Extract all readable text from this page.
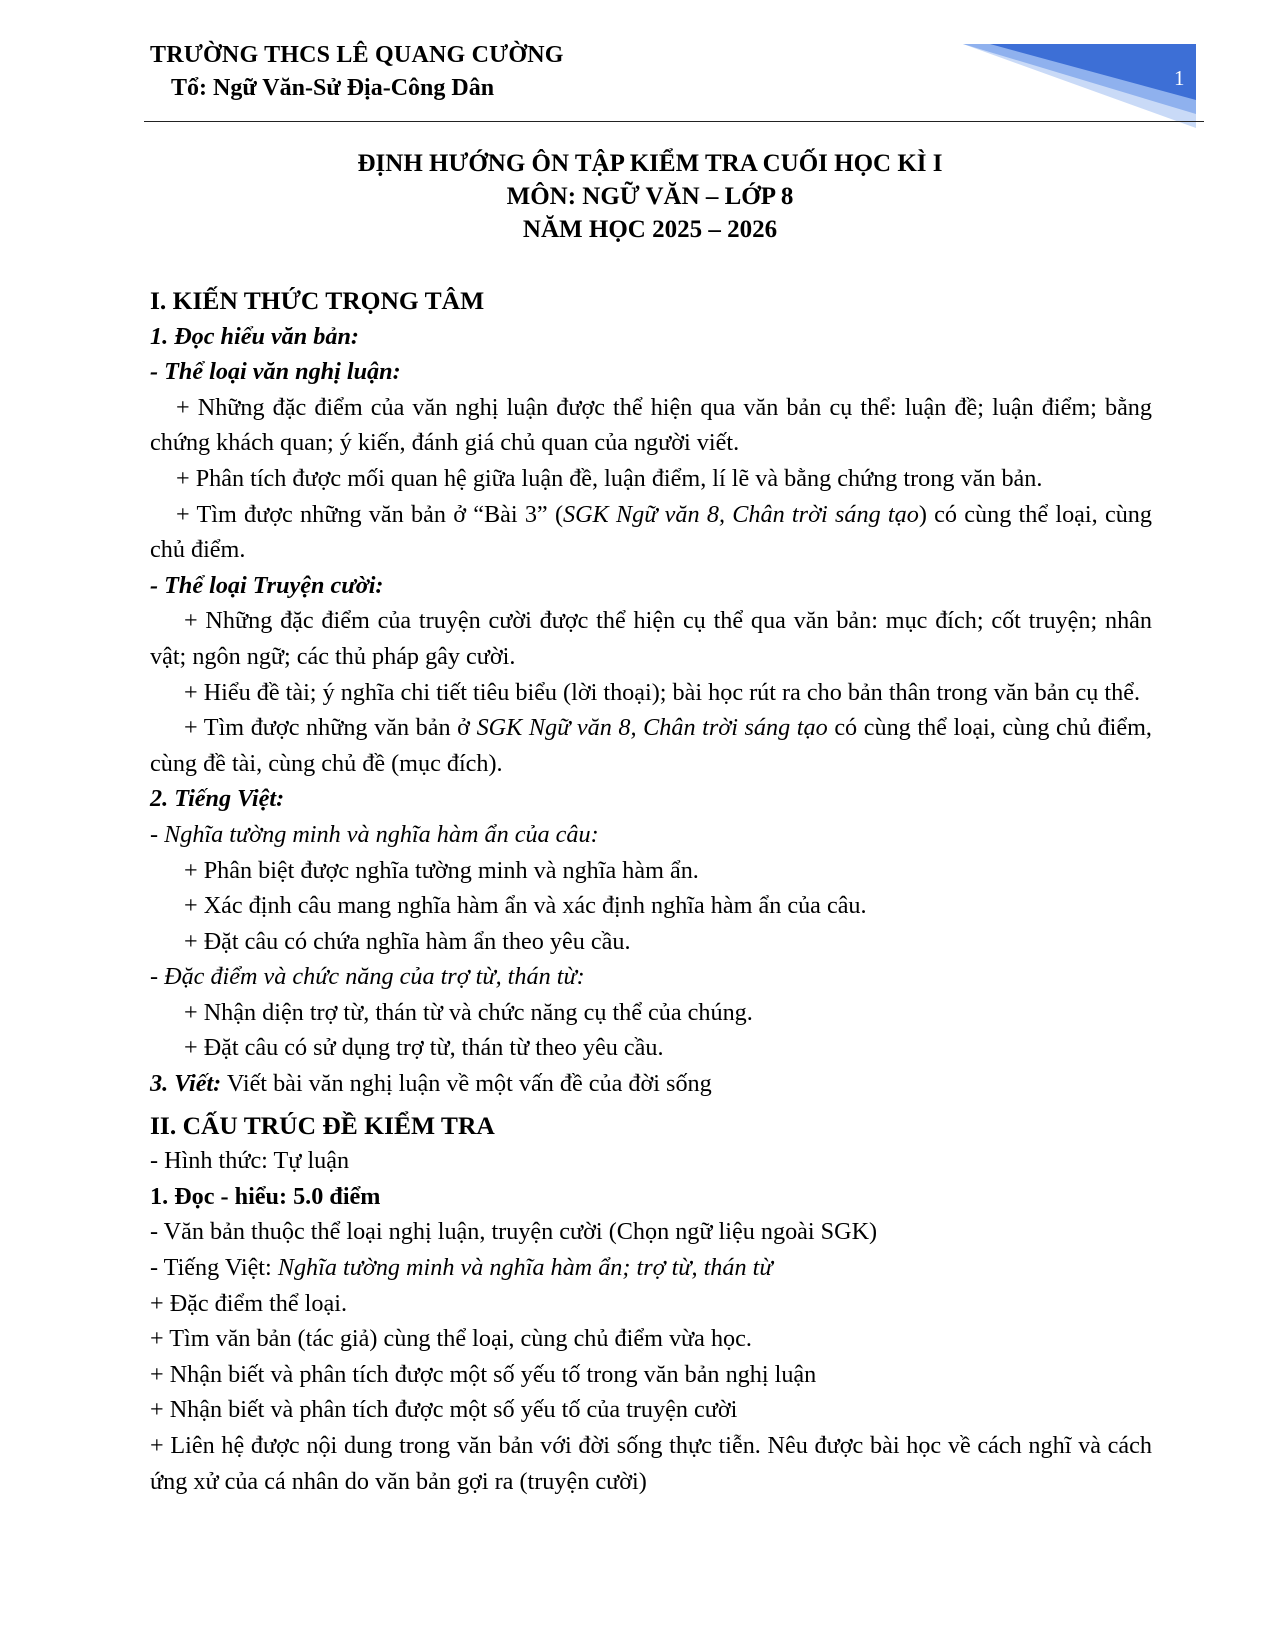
TRƯỜNG THCS LÊ QUANG CƯỜNG
Tổ: Ngữ Văn-Sử Địa-Công Dân	1
ĐỊNH HƯỚNG ÔN TẬP KIỂM TRA CUỐI HỌC KÌ I
MÔN: NGỮ VĂN – LỚP 8
NĂM HỌC 2025 – 2026

I. KIẾN THỨC TRỌNG TÂM

1. Đọc hiểu văn bản:

- Thể loại văn nghị luận:

+ Những đặc điểm của văn nghị luận được thể hiện qua văn bản cụ thể: luận đề; luận điểm; bằng chứng khách quan; ý kiến, đánh giá chủ quan của người viết.

+ Phân tích được mối quan hệ giữa luận đề, luận điểm, lí lẽ và bằng chứng trong văn bản.

+ Tìm được những văn bản ở “Bài 3” (SGK Ngữ văn 8, Chân trời sáng tạo) có cùng thể loại, cùng chủ điểm.

- Thể loại Truyện cười:

+ Những đặc điểm của truyện cười được thể hiện cụ thể qua văn bản: mục đích; cốt truyện; nhân vật; ngôn ngữ; các thủ pháp gây cười.

+ Hiểu đề tài; ý nghĩa chi tiết tiêu biểu (lời thoại); bài học rút ra cho bản thân trong văn bản cụ thể.

+ Tìm được những văn bản ở SGK Ngữ văn 8, Chân trời sáng tạo có cùng thể loại, cùng chủ điểm, cùng đề tài, cùng chủ đề (mục đích).

2. Tiếng Việt:

- Nghĩa tường minh và nghĩa hàm ẩn của câu:

+ Phân biệt được nghĩa tường minh và nghĩa hàm ẩn.

+ Xác định câu mang nghĩa hàm ẩn và xác định nghĩa hàm ẩn của câu.

+ Đặt câu có chứa nghĩa hàm ẩn theo yêu cầu.

- Đặc điểm và chức năng của trợ từ, thán từ:

+ Nhận diện trợ từ, thán từ và chức năng cụ thể của chúng.

+ Đặt câu có sử dụng trợ từ, thán từ theo yêu cầu.

3. Viết: Viết bài văn nghị luận về một vấn đề của đời sống

II. CẤU TRÚC ĐỀ KIỂM TRA

- Hình thức: Tự luận

1. Đọc - hiểu: 5.0 điểm

- Văn bản thuộc thể loại nghị luận, truyện cười (Chọn ngữ liệu ngoài SGK)

- Tiếng Việt: Nghĩa tường minh và nghĩa hàm ẩn; trợ từ, thán từ

+ Đặc điểm thể loại.

+ Tìm văn bản (tác giả) cùng thể loại, cùng chủ điểm vừa học.

+ Nhận biết và phân tích được một số yếu tố trong văn bản nghị luận

+ Nhận biết và phân tích được một số yếu tố của truyện cười

+ Liên hệ được nội dung trong văn bản với đời sống thực tiễn. Nêu được bài học về cách nghĩ và cách ứng xử của cá nhân do văn bản gợi ra (truyện cười)
